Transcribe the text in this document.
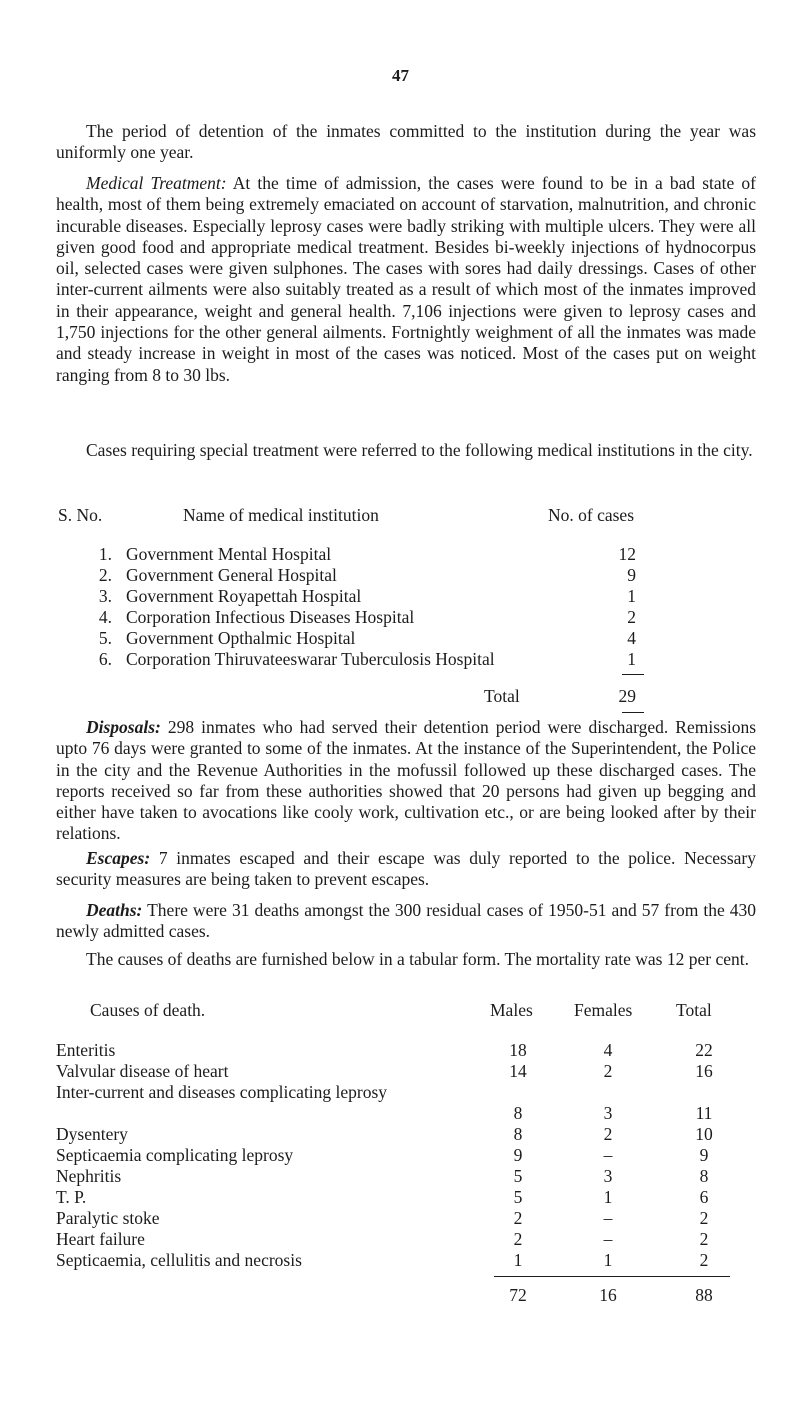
47

The period of detention of the inmates committed to the institution during the year was uniformly one year.

Medical Treatment: At the time of admission, the cases were found to be in a bad state of health, most of them being extremely emaciated on account of starvation, malnutrition, and chronic incurable diseases. Especially leprosy cases were badly striking with multiple ulcers. They were all given good food and appropriate medical treatment. Besides bi-weekly injections of hydnocorpus oil, selected cases were given sulphones. The cases with sores had daily dressings. Cases of other inter-current ailments were also suitably treated as a result of which most of the inmates improved in their appearance, weight and general health. 7,106 injections were given to leprosy cases and 1,750 injections for the other general ailments. Fortnightly weighment of all the inmates was made and steady increase in weight in most of the cases was noticed. Most of the cases put on weight ranging from 8 to 30 lbs.

Cases requiring special treatment were referred to the following medical institutions in the city.

S. No.	Name of medical institution	No. of cases
1. Government Mental Hospital	12
2. Government General Hospital	9
3. Government Royapettah Hospital	1
4. Corporation Infectious Diseases Hospital	2
5. Government Opthalmic Hospital	4
6. Corporation Thiruvateeswarar Tuberculosis Hospital	1
Total	29

Disposals: 298 inmates who had served their detention period were discharged. Remissions upto 76 days were granted to some of the inmates. At the instance of the Superintendent, the Police in the city and the Revenue Authorities in the mofussil followed up these discharged cases. The reports received so far from these authorities showed that 20 persons had given up begging and either have taken to avocations like cooly work, cultivation etc., or are being looked after by their relations.

Escapes: 7 inmates escaped and their escape was duly reported to the police. Necessary security measures are being taken to prevent escapes.

Deaths: There were 31 deaths amongst the 300 residual cases of 1950-51 and 57 from the 430 newly admitted cases.

The causes of deaths are furnished below in a tabular form. The mortality rate was 12 per cent.

Causes of death.	Males Females Total
Enteritis	18	4	22
Valvular disease of heart	14	2	16
Inter-current and diseases complicating leprosy
8	3	11
Dysentery	8	2	10
Septicaemia complicating leprosy	9	–	9
Nephritis	5	3	8
T. P.	5	1	6
Paralytic stoke	2	–	2
Heart failure	2	–	2
Septicaemia, cellulitis and necrosis	1	1	2
72	16	88
